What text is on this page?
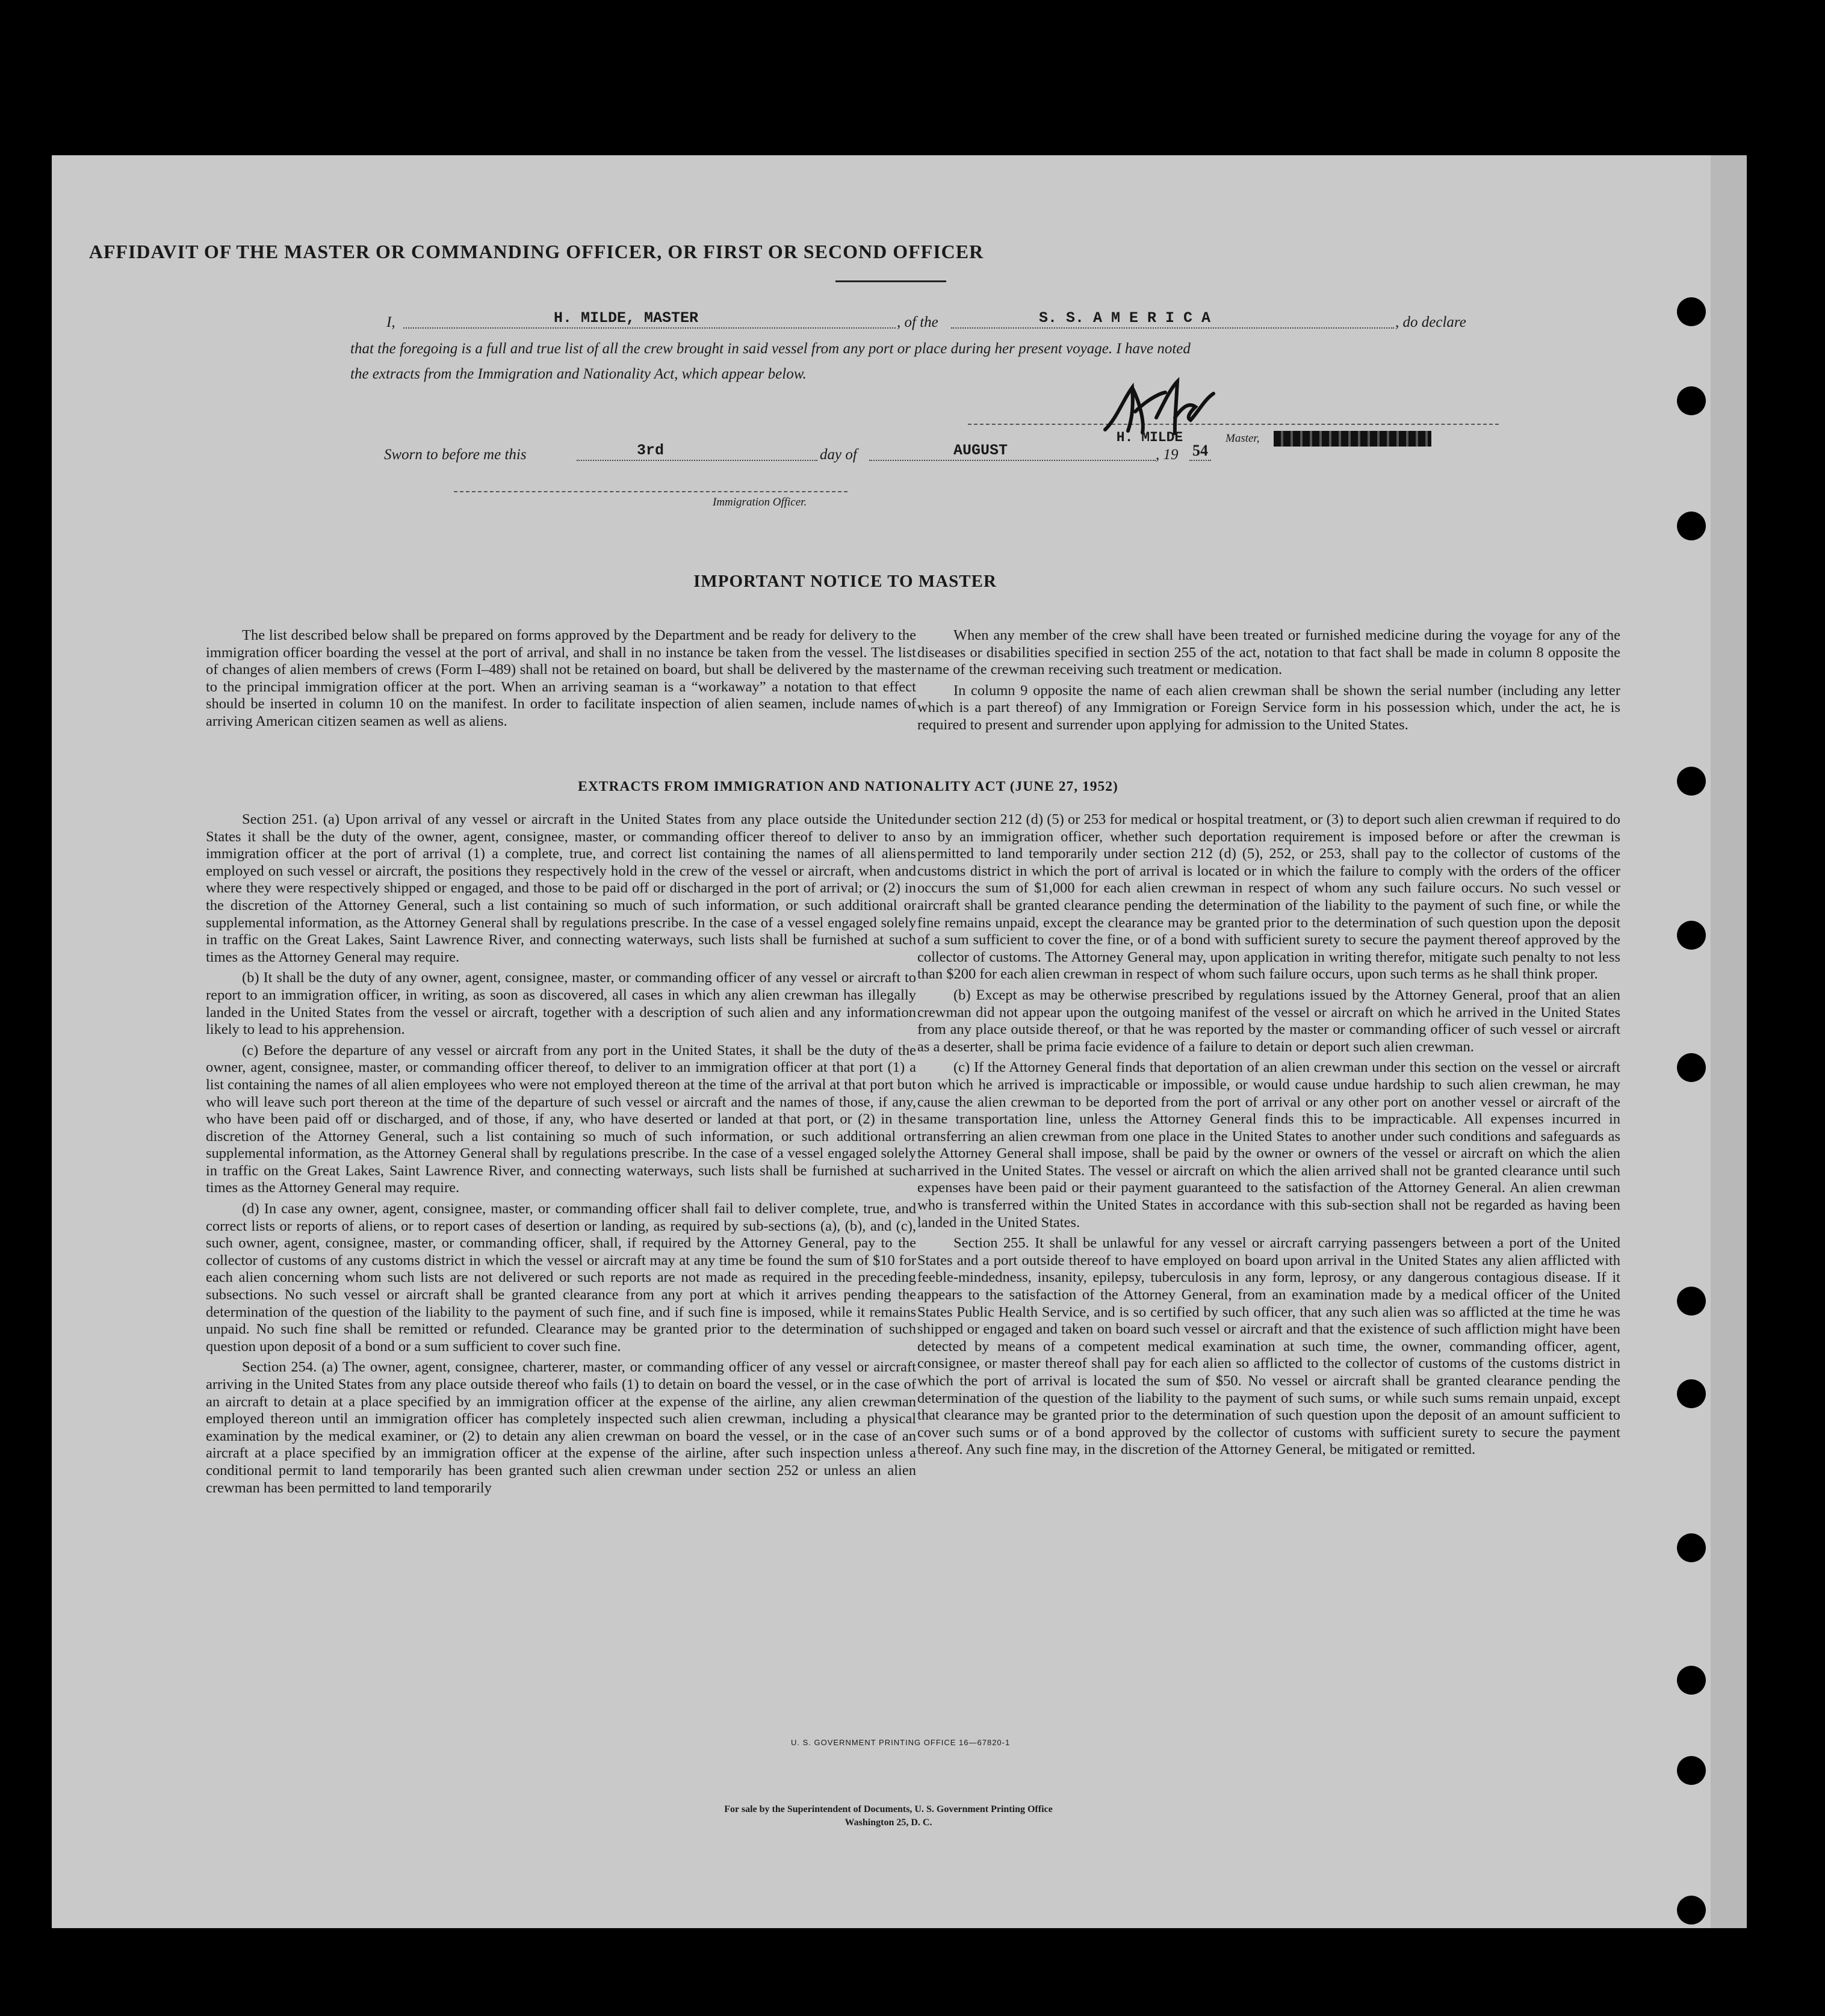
AFFIDAVIT OF THE MASTER OR COMMANDING OFFICER, OR FIRST OR SECOND OFFICER
I,	H. MILDE, MASTER	, of the	S. S. A M E R I C A	, do declare
that the foregoing is a full and true list of all the crew brought in said vessel from any port or place during her present voyage. I have noted
the extracts from the Immigration and Nationality Act, which appear below.
H. MILDE	Master,
Sworn to before me this	3rd	day of	AUGUST	, 19 54
Immigration Officer.
IMPORTANT NOTICE TO MASTER

The list described below shall be prepared on forms approved by the Department and be ready for delivery to the immigration officer boarding the vessel at the port of arrival, and shall in no instance be taken from the vessel. The list of changes of alien members of crews (Form I–489) shall not be retained on board, but shall be delivered by the master to the principal immigration officer at the port. When an arriving seaman is a “workaway” a notation to that effect should be inserted in column 10 on the manifest. In order to facilitate inspection of alien seamen, include names of arriving American citizen seamen as well as aliens.

When any member of the crew shall have been treated or furnished medicine during the voyage for any of the diseases or disabilities specified in section 255 of the act, notation to that fact shall be made in column 8 opposite the name of the crewman receiving such treatment or medication.

In column 9 opposite the name of each alien crewman shall be shown the serial number (including any letter which is a part thereof) of any Immigration or Foreign Service form in his possession which, under the act, he is required to present and surrender upon applying for admission to the United States.

EXTRACTS FROM IMMIGRATION AND NATIONALITY ACT (JUNE 27, 1952)

Section 251. (a) Upon arrival of any vessel or aircraft in the United States from any place outside the United States it shall be the duty of the owner, agent, consignee, master, or commanding officer thereof to deliver to an immigration officer at the port of arrival (1) a complete, true, and correct list containing the names of all aliens employed on such vessel or aircraft, the positions they respectively hold in the crew of the vessel or aircraft, when and where they were respectively shipped or engaged, and those to be paid off or discharged in the port of arrival; or (2) in the discretion of the Attorney General, such a list containing so much of such information, or such additional or supplemental information, as the Attorney General shall by regulations prescribe. In the case of a vessel engaged solely in traffic on the Great Lakes, Saint Lawrence River, and connecting waterways, such lists shall be furnished at such times as the Attorney General may require.

(b) It shall be the duty of any owner, agent, consignee, master, or commanding officer of any vessel or aircraft to report to an immigration officer, in writing, as soon as discovered, all cases in which any alien crewman has illegally landed in the United States from the vessel or aircraft, together with a description of such alien and any information likely to lead to his apprehension.

(c) Before the departure of any vessel or aircraft from any port in the United States, it shall be the duty of the owner, agent, consignee, master, or commanding officer thereof, to deliver to an immigration officer at that port (1) a list containing the names of all alien employees who were not employed thereon at the time of the arrival at that port but who will leave such port thereon at the time of the departure of such vessel or aircraft and the names of those, if any, who have been paid off or discharged, and of those, if any, who have deserted or landed at that port, or (2) in the discretion of the Attorney General, such a list containing so much of such information, or such additional or supplemental information, as the Attorney General shall by regulations prescribe. In the case of a vessel engaged solely in traffic on the Great Lakes, Saint Lawrence River, and connecting waterways, such lists shall be furnished at such times as the Attorney General may require.

(d) In case any owner, agent, consignee, master, or commanding officer shall fail to deliver complete, true, and correct lists or reports of aliens, or to report cases of desertion or landing, as required by sub-sections (a), (b), and (c), such owner, agent, consignee, master, or commanding officer, shall, if required by the Attorney General, pay to the collector of customs of any customs district in which the vessel or aircraft may at any time be found the sum of $10 for each alien concerning whom such lists are not delivered or such reports are not made as required in the preceding subsections. No such vessel or aircraft shall be granted clearance from any port at which it arrives pending the determination of the question of the liability to the payment of such fine, and if such fine is imposed, while it remains unpaid. No such fine shall be remitted or refunded. Clearance may be granted prior to the determination of such question upon deposit of a bond or a sum sufficient to cover such fine.

Section 254. (a) The owner, agent, consignee, charterer, master, or commanding officer of any vessel or aircraft arriving in the United States from any place outside thereof who fails (1) to detain on board the vessel, or in the case of an aircraft to detain at a place specified by an immigration officer at the expense of the airline, any alien crewman employed thereon until an immigration officer has completely inspected such alien crewman, including a physical examination by the medical examiner, or (2) to detain any alien crewman on board the vessel, or in the case of an aircraft at a place specified by an immigration officer at the expense of the airline, after such inspection unless a conditional permit to land temporarily has been granted such alien crewman under section 252 or unless an alien crewman has been permitted to land temporarily

under section 212 (d) (5) or 253 for medical or hospital treatment, or (3) to deport such alien crewman if required to do so by an immigration officer, whether such deportation requirement is imposed before or after the crewman is permitted to land temporarily under section 212 (d) (5), 252, or 253, shall pay to the collector of customs of the customs district in which the port of arrival is located or in which the failure to comply with the orders of the officer occurs the sum of $1,000 for each alien crewman in respect of whom any such failure occurs. No such vessel or aircraft shall be granted clearance pending the determination of the liability to the payment of such fine, or while the fine remains unpaid, except the clearance may be granted prior to the determination of such question upon the deposit of a sum sufficient to cover the fine, or of a bond with sufficient surety to secure the payment thereof approved by the collector of customs. The Attorney General may, upon application in writing therefor, mitigate such penalty to not less than $200 for each alien crewman in respect of whom such failure occurs, upon such terms as he shall think proper.

(b) Except as may be otherwise prescribed by regulations issued by the Attorney General, proof that an alien crewman did not appear upon the outgoing manifest of the vessel or aircraft on which he arrived in the United States from any place outside thereof, or that he was reported by the master or commanding officer of such vessel or aircraft as a deserter, shall be prima facie evidence of a failure to detain or deport such alien crewman.

(c) If the Attorney General finds that deportation of an alien crewman under this section on the vessel or aircraft on which he arrived is impracticable or impossible, or would cause undue hardship to such alien crewman, he may cause the alien crewman to be deported from the port of arrival or any other port on another vessel or aircraft of the same transportation line, unless the Attorney General finds this to be impracticable. All expenses incurred in transferring an alien crewman from one place in the United States to another under such conditions and safeguards as the Attorney General shall impose, shall be paid by the owner or owners of the vessel or aircraft on which the alien arrived in the United States. The vessel or aircraft on which the alien arrived shall not be granted clearance until such expenses have been paid or their payment guaranteed to the satisfaction of the Attorney General. An alien crewman who is transferred within the United States in accordance with this sub-section shall not be regarded as having been landed in the United States.

Section 255. It shall be unlawful for any vessel or aircraft carrying passengers between a port of the United States and a port outside thereof to have employed on board upon arrival in the United States any alien afflicted with feeble-mindedness, insanity, epilepsy, tuberculosis in any form, leprosy, or any dangerous contagious disease. If it appears to the satisfaction of the Attorney General, from an examination made by a medical officer of the United States Public Health Service, and is so certified by such officer, that any such alien was so afflicted at the time he was shipped or engaged and taken on board such vessel or aircraft and that the existence of such affliction might have been detected by means of a competent medical examination at such time, the owner, commanding officer, agent, consignee, or master thereof shall pay for each alien so afflicted to the collector of customs of the customs district in which the port of arrival is located the sum of $50. No vessel or aircraft shall be granted clearance pending the determination of the question of the liability to the payment of such sums, or while such sums remain unpaid, except that clearance may be granted prior to the determination of such question upon the deposit of an amount sufficient to cover such sums or of a bond approved by the collector of customs with sufficient surety to secure the payment thereof. Any such fine may, in the discretion of the Attorney General, be mitigated or remitted.

U. S. GOVERNMENT PRINTING OFFICE 16—67820-1
For sale by the Superintendent of Documents, U. S. Government Printing Office
Washington 25, D. C.
